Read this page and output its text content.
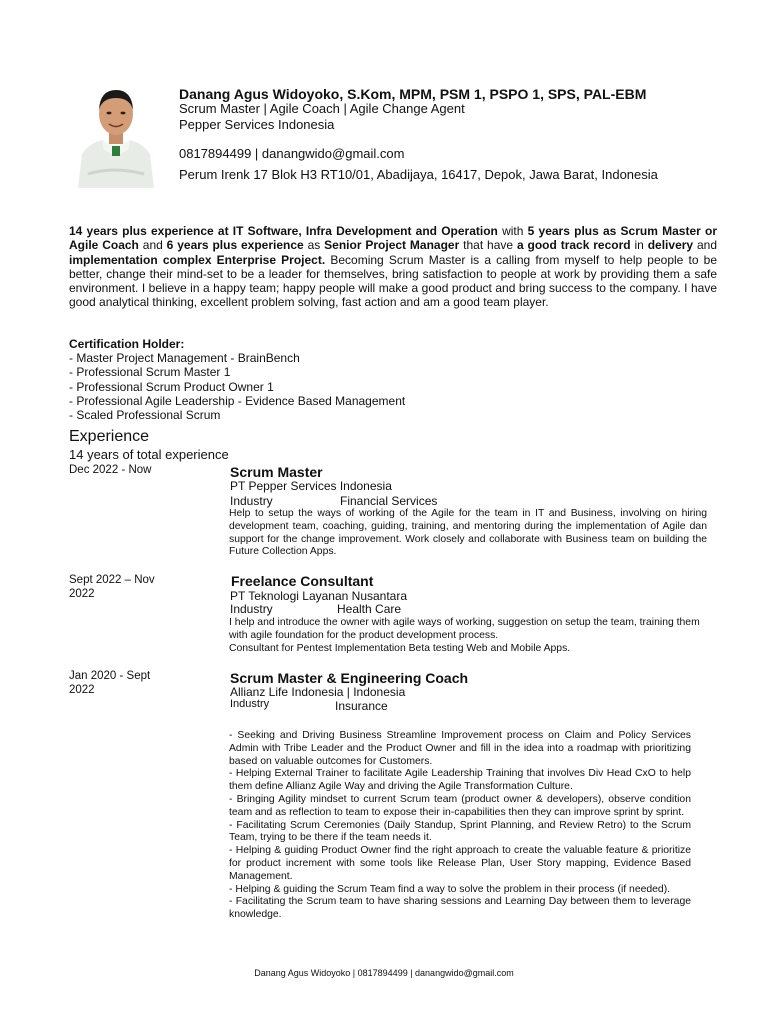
Danang Agus Widoyoko, S.Kom, MPM, PSM 1, PSPO 1, SPS, PAL-EBM
Scrum Master | Agile Coach | Agile Change Agent
Pepper Services Indonesia
0817894499 | danangwido@gmail.com
Perum Irenk 17 Blok H3 RT10/01, Abadijaya, 16417, Depok, Jawa Barat, Indonesia
14 years plus experience at IT Software, Infra Development and Operation with 5 years plus as Scrum Master or Agile Coach and 6 years plus experience as Senior Project Manager that have a good track record in delivery and implementation complex Enterprise Project. Becoming Scrum Master is a calling from myself to help people to be better, change their mind-set to be a leader for themselves, bring satisfaction to people at work by providing them a safe environment. I believe in a happy team; happy people will make a good product and bring success to the company. I have good analytical thinking, excellent problem solving, fast action and am a good team player.
Certification Holder:
- Master Project Management - BrainBench
- Professional Scrum Master 1
- Professional Scrum Product Owner 1
- Professional Agile Leadership - Evidence Based Management
- Scaled Professional Scrum
Experience
14 years of total experience
Dec 2022 - Now	Scrum Master
PT Pepper Services Indonesia
Industry	Financial Services
Help to setup the ways of working of the Agile for the team in IT and Business, involving on hiring development team, coaching, guiding, training, and mentoring during the implementation of Agile dan support for the change improvement. Work closely and collaborate with Business team on building the Future Collection Apps.
Sept 2022 – Nov
2022
Freelance Consultant
PT Teknologi Layanan Nusantara
Industry	Health Care
I help and introduce the owner with agile ways of working, suggestion on setup the team, training them with agile foundation for the product development process.
Consultant for Pentest Implementation Beta testing Web and Mobile Apps.
Jan 2020 - Sept
2022
Scrum Master & Engineering Coach
Allianz Life Indonesia | Indonesia
Industry	Insurance
- Seeking and Driving Business Streamline Improvement process on Claim and Policy Services Admin with Tribe Leader and the Product Owner and fill in the idea into a roadmap with prioritizing based on valuable outcomes for Customers.
- Helping External Trainer to facilitate Agile Leadership Training that involves Div Head CxO to help them define Allianz Agile Way and driving the Agile Transformation Culture.
- Bringing Agility mindset to current Scrum team (product owner & developers), observe condition team and as reflection to team to expose their in-capabilities then they can improve sprint by sprint.
- Facilitating Scrum Ceremonies (Daily Standup, Sprint Planning, and Review Retro) to the Scrum Team, trying to be there if the team needs it.
- Helping & guiding Product Owner find the right approach to create the valuable feature & prioritize for product increment with some tools like Release Plan, User Story mapping, Evidence Based Management.
- Helping & guiding the Scrum Team find a way to solve the problem in their process (if needed).
- Facilitating the Scrum team to have sharing sessions and Learning Day between them to leverage knowledge.
Danang Agus Widoyoko | 0817894499 | danangwido@gmail.com
